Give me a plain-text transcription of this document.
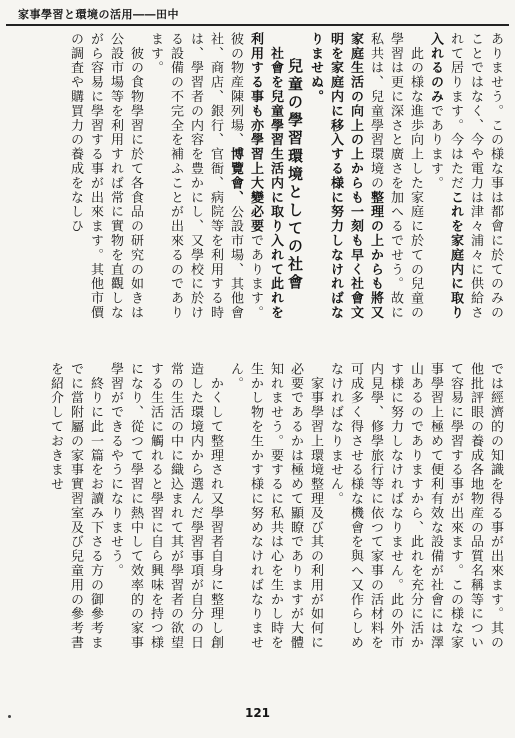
家事學習と環境の活用――田中

ありませう。この様な事は都會に於てのみのことではなく、今や電力は津々浦々に供給されて居ります。今はただこれを家庭内に取り入れるのみであります。

　此の様な進歩向上した家庭に於ての兒童の學習は更に深さと廣さを加へるでせう。故に私共は、兒童學習環境の整理の上からも將又家庭生活の向上の上からも一刻も早く社會文明を家庭内に移入する様に努力しなければなりませぬ。

兒童の學習環境としての社會

　社會を兒童學習生活内に取り入れて此れを利用する事も亦學習上大變必要であります。彼の物産陳列場、博覽會、公設市場、其他會社、商店、銀行、官衙、病院等を利用する時は、學習者の内容を豊かにし、又學校に於ける設備の不完全を補ふことが出來るのであります。

　彼の食物學習に於て各食品の研究の如きは公設市場等を利用すれば常に實物を直觀しながら容易に學習する事が出來ます。其他市價の調査や購買力の養成をなしひ

では經濟的の知識を得る事が出來ます。其の他批評眼の養成各地物産の品質名稱等について容易に學習する事が出來ます。この様な家事學習上極めて便利有效な設備が社會には澤山あるのでありますから、此れを充分に活かす様に努力しなければなりません。此の外市内見學、修學旅行等に依つて家事の活材料を可成多く得させる様な機會を與へ又作らしめなければなりません。

　家事學習上環境整理及び其の利用が如何に必要であるかは極めて顯瞭でありますが大體知れませう。要するに私共は心を生かし時を生かし物を生かす様に努めなければなりません。

　かくして整理され又學習者自身に整理し創造した環境内から選んだ學習事項が自分の日常の生活の中に織込まれて其が學習者の欲望する生活に觸れると學習に自ら興味を持つ様になり、從つて學習に熱中して效率的の家事學習ができるやうになりませう。

　終りに此一篇をお讀み下さる方の御參考までに當附屬の家事實習室及び兒童用の參考書を紹介しておきませ

121
